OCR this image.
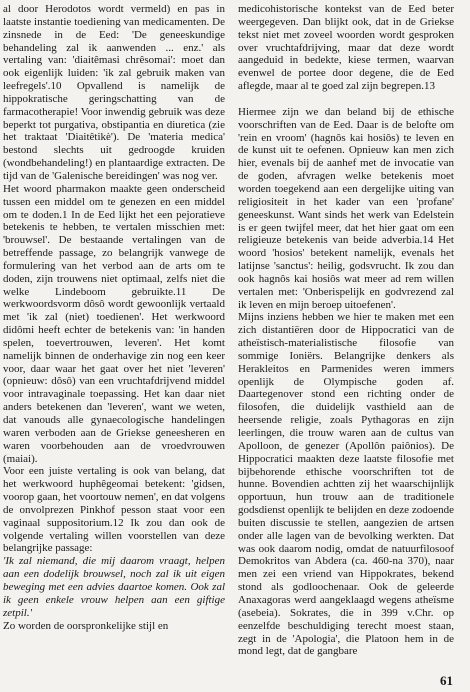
al door Herodotos wordt vermeld) en pas in laatste instantie toediening van medicamenten. De zinsnede in de Eed: 'De geneeskundige behandeling zal ik aanwenden ... enz.' als vertaling van: 'diaitêmasi chrêsomai': moet dan ook eigenlijk luiden: 'ik zal gebruik maken van leefregels'.10 Opvallend is namelijk de hippokratische geringschatting van de farmacotherapie! Voor inwendig gebruik was deze beperkt tot purgativa, obstipantia en diuretica (zie het traktaat 'Diaitêtikè'). De 'materia medica' bestond slechts uit gedroogde kruiden (wondbehandeling!) en plantaardige extracten. De tijd van de 'Galenische bereidingen' was nog ver.

Het woord pharmakon maakte geen onderscheid tussen een middel om te genezen en een middel om te doden.1 In de Eed lijkt het een pejoratieve betekenis te hebben, te vertalen misschien met: 'brouwsel'. De bestaande vertalingen van de betreffende passage, zo belangrijk vanwege de formulering van het verbod aan de arts om te doden, zijn trouwens niet optimaal, zelfs niet die welke Lindeboom gebruikte.11 De werkwoordsvorm dôsô wordt gewoonlijk vertaald met 'ik zal (niet) toedienen'. Het werkwoord didômi heeft echter de betekenis van: 'in handen spelen, toevertrouwen, leveren'. Het komt namelijk binnen de onderhavige zin nog een keer voor, daar waar het gaat over het niet 'leveren' (opnieuw: dôsô) van een vruchtafdrijvend middel voor intravaginale toepassing. Het kan daar niet anders betekenen dan 'leveren', want we weten, dat vanouds alle gynaecologische handelingen waren verboden aan de Griekse geneesheren en waren voorbehouden aan de vroedvrouwen (maiai).

Voor een juiste vertaling is ook van belang, dat het werkwoord huphêgeomai betekent: 'gidsen, voorop gaan, het voortouw nemen', en dat volgens de onvolprezen Pinkhof pesson staat voor een vaginaal suppositorium.12 Ik zou dan ook de volgende vertaling willen voorstellen van deze belangrijke passage:

'Ik zal niemand, die mij daarom vraagt, helpen aan een dodelijk brouwsel, noch zal ik uit eigen beweging met een advies daartoe komen. Ook zal ik geen enkele vrouw helpen aan een giftige zetpil.'

Zo worden de oorspronkelijke stijl en

medicohistorische kontekst van de Eed beter weergegeven. Dan blijkt ook, dat in de Griekse tekst niet met zoveel woorden wordt gesproken over vruchtafdrijving, maar dat deze wordt aangeduid in bedekte, kiese termen, waarvan evenwel de portee door degene, die de Eed aflegde, maar al te goed zal zijn begrepen.13

Hiermee zijn we dan beland bij de ethische voorschriften van de Eed. Daar is de belofte om 'rein en vroom' (hagnôs kai hosiôs) te leven en de kunst uit te oefenen. Opnieuw kan men zich hier, evenals bij de aanhef met de invocatie van de goden, afvragen welke betekenis moet worden toegekend aan een dergelijke uiting van religiositeit in het kader van een 'profane' geneeskunst. Want sinds het werk van Edelstein is er geen twijfel meer, dat het hier gaat om een religieuze betekenis van beide adverbia.14 Het woord 'hosios' betekent namelijk, evenals het latijnse 'sanctus': heilig, godsvrucht. Ik zou dan ook hagnôs kai hosiôs wat meer ad rem willen vertalen met: 'Onberispelijk en godvrezend zal ik leven en mijn beroep uitoefenen'.

Mijns inziens hebben we hier te maken met een zich distantiëren door de Hippocratici van de atheïstisch-materialistische filosofie van sommige Ioniërs. Belangrijke denkers als Herakleitos en Parmenides weren immers openlijk de Olympische goden af. Daartegenover stond een richting onder de filosofen, die duidelijk vasthield aan de heersende religie, zoals Pythagoras en zijn leerlingen, die trouw waren aan de cultus van Apolloon, de genezer (Apollôn paiônios). De Hippocratici maakten deze laatste filosofie met bijbehorende ethische voorschriften tot de hunne. Bovendien achtten zij het waarschijnlijk opportuun, hun trouw aan de traditionele godsdienst openlijk te belijden en deze zodoende buiten discussie te stellen, aangezien de artsen onder alle lagen van de bevolking werkten. Dat was ook daarom nodig, omdat de natuurfilosoof Demokritos van Abdera (ca. 460-na 370), naar men zei een vriend van Hippokrates, bekend stond als godloochenaar. Ook de geleerde Anaxagoras werd aangeklaagd wegens atheïsme (asebeia). Sokrates, die in 399 v.Chr. op eenzelfde beschuldiging terecht moest staan, zegt in de 'Apologia', die Platoon hem in de mond legt, dat de gangbare

61
